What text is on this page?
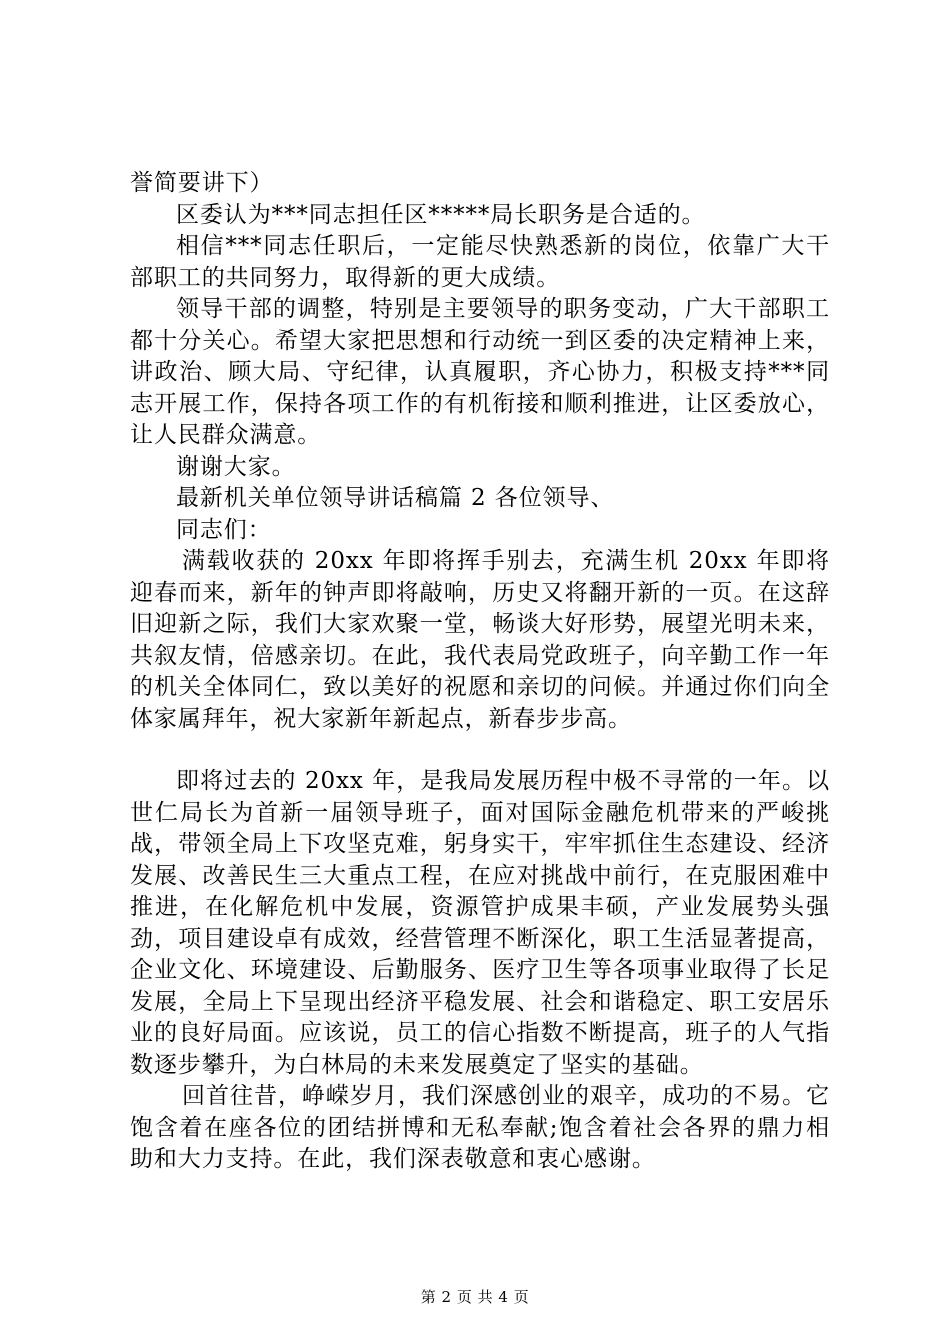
誉简要讲下）

区委认为***同志担任区*****局长职务是合适的。

相信***同志任职后，一定能尽快熟悉新的岗位，依靠广大干部职工的共同努力，取得新的更大成绩。

领导干部的调整，特别是主要领导的职务变动，广大干部职工都十分关心。希望大家把思想和行动统一到区委的决定精神上来，讲政治、顾大局、守纪律，认真履职，齐心协力，积极支持***同志开展工作，保持各项工作的有机衔接和顺利推进，让区委放心，让人民群众满意。

谢谢大家。

最新机关单位领导讲话稿篇 2 各位领导、

同志们：

满载收获的 20xx 年即将挥手别去，充满生机 20xx 年即将迎春而来，新年的钟声即将敲响，历史又将翻开新的一页。在这辞旧迎新之际，我们大家欢聚一堂，畅谈大好形势，展望光明未来，共叙友情，倍感亲切。在此，我代表局党政班子，向辛勤工作一年的机关全体同仁，致以美好的祝愿和亲切的问候。并通过你们向全体家属拜年，祝大家新年新起点，新春步步高。

即将过去的 20xx 年，是我局发展历程中极不寻常的一年。以世仁局长为首新一届领导班子，面对国际金融危机带来的严峻挑战，带领全局上下攻坚克难，躬身实干，牢牢抓住生态建设、经济发展、改善民生三大重点工程，在应对挑战中前行，在克服困难中推进，在化解危机中发展，资源管护成果丰硕，产业发展势头强劲，项目建设卓有成效，经营管理不断深化，职工生活显著提高，企业文化、环境建设、后勤服务、医疗卫生等各项事业取得了长足发展，全局上下呈现出经济平稳发展、社会和谐稳定、职工安居乐业的良好局面。应该说，员工的信心指数不断提高，班子的人气指数逐步攀升，为白林局的未来发展奠定了坚实的基础。

回首往昔，峥嵘岁月，我们深感创业的艰辛，成功的不易。它饱含着在座各位的团结拼博和无私奉献;饱含着社会各界的鼎力相助和大力支持。在此，我们深表敬意和衷心感谢。

第 2 页 共 4 页
